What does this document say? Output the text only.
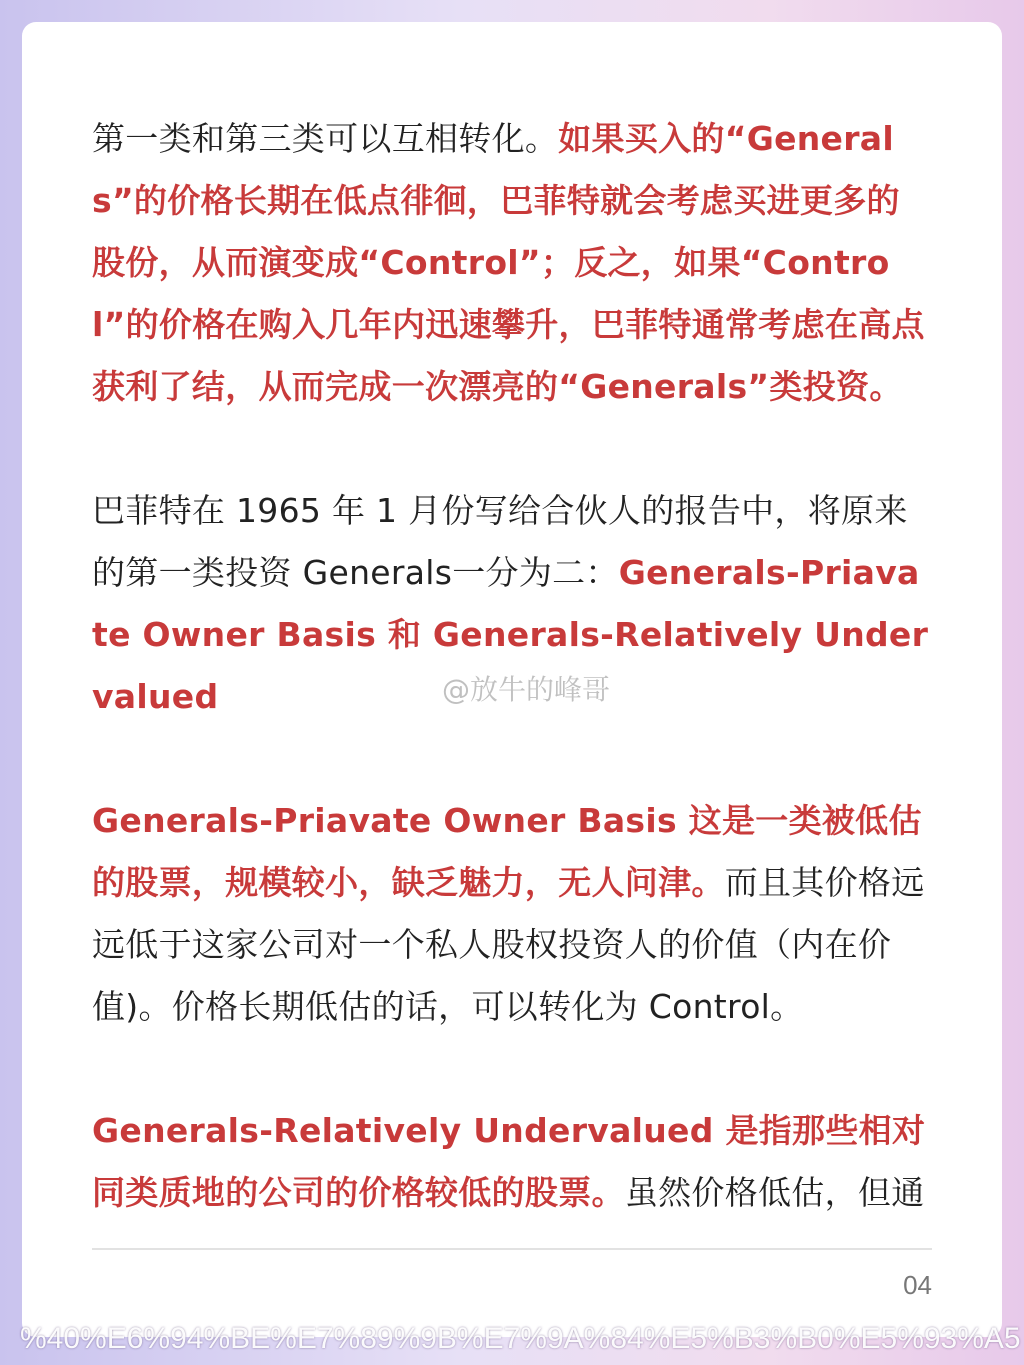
第一类和第三类可以互相转化。如果买入的“Generals”的价格长期在低点徘徊，巴菲特就会考虑买进更多的股份，从而演变成“Control”；反之，如果“Control”的价格在购入几年内迅速攀升，巴菲特通常考虑在高点获利了结，从而完成一次漂亮的“Generals”类投资。

巴菲特在 1965 年 1 月份写给合伙人的报告中，将原来的第一类投资 Generals一分为二：Generals-Priavate Owner Basis 和 Generals-Relatively Undervalued

Generals-Priavate Owner Basis 这是一类被低估的股票，规模较小，缺乏魅力，无人问津。而且其价格远远低于这家公司对一个私人股权投资人的价值（内在价值)。价格长期低估的话，可以转化为 Control。

Generals-Relatively Undervalued 是指那些相对同类质地的公司的价格较低的股票。虽然价格低估，但通

04
@放牛的峰哥
%40%E6%94%BE%E7%89%9B%E7%9A%84%E5%B3%B0%E5%93%A5
